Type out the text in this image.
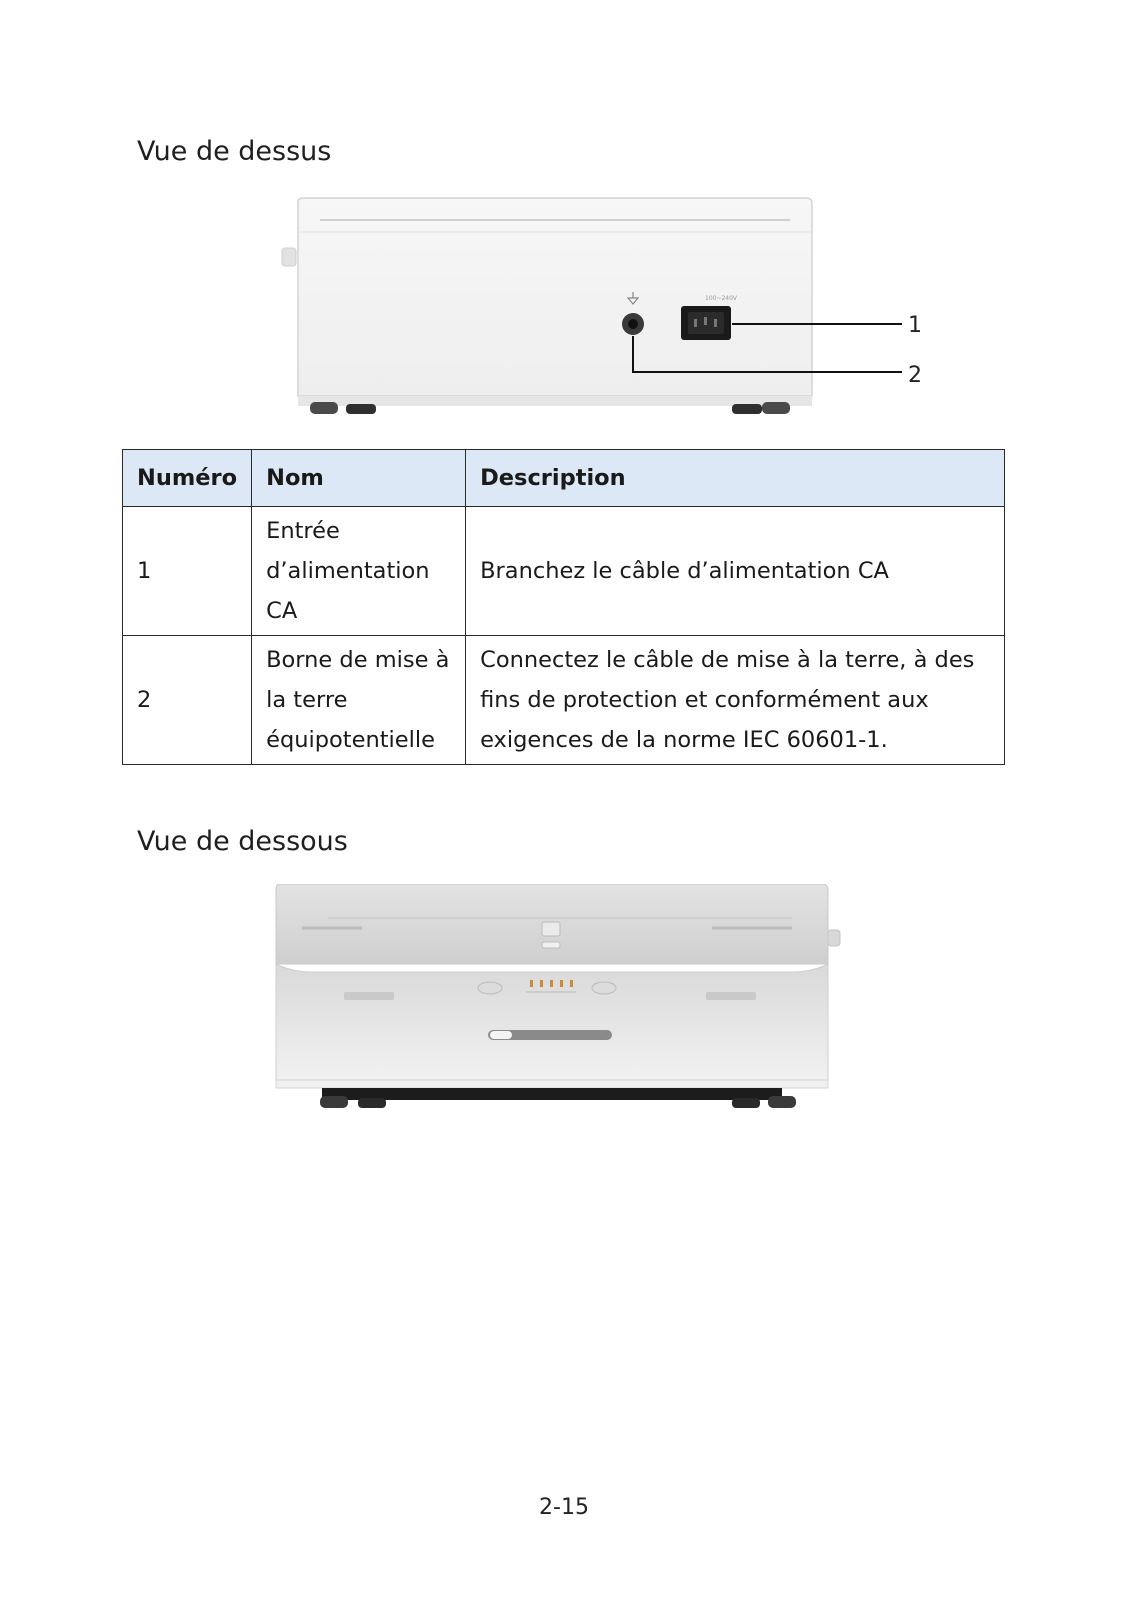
Vue de dessus
100~240V
1
2
Numéro	Nom	Description
1	Entrée d’alimentation CA	Branchez le câble d’alimentation CA
2	Borne de mise à la terre équipotentielle	Connectez le câble de mise à la terre, à des fins de protection et conformément aux exigences de la norme IEC 60601-1.
Vue de dessous
2-15
